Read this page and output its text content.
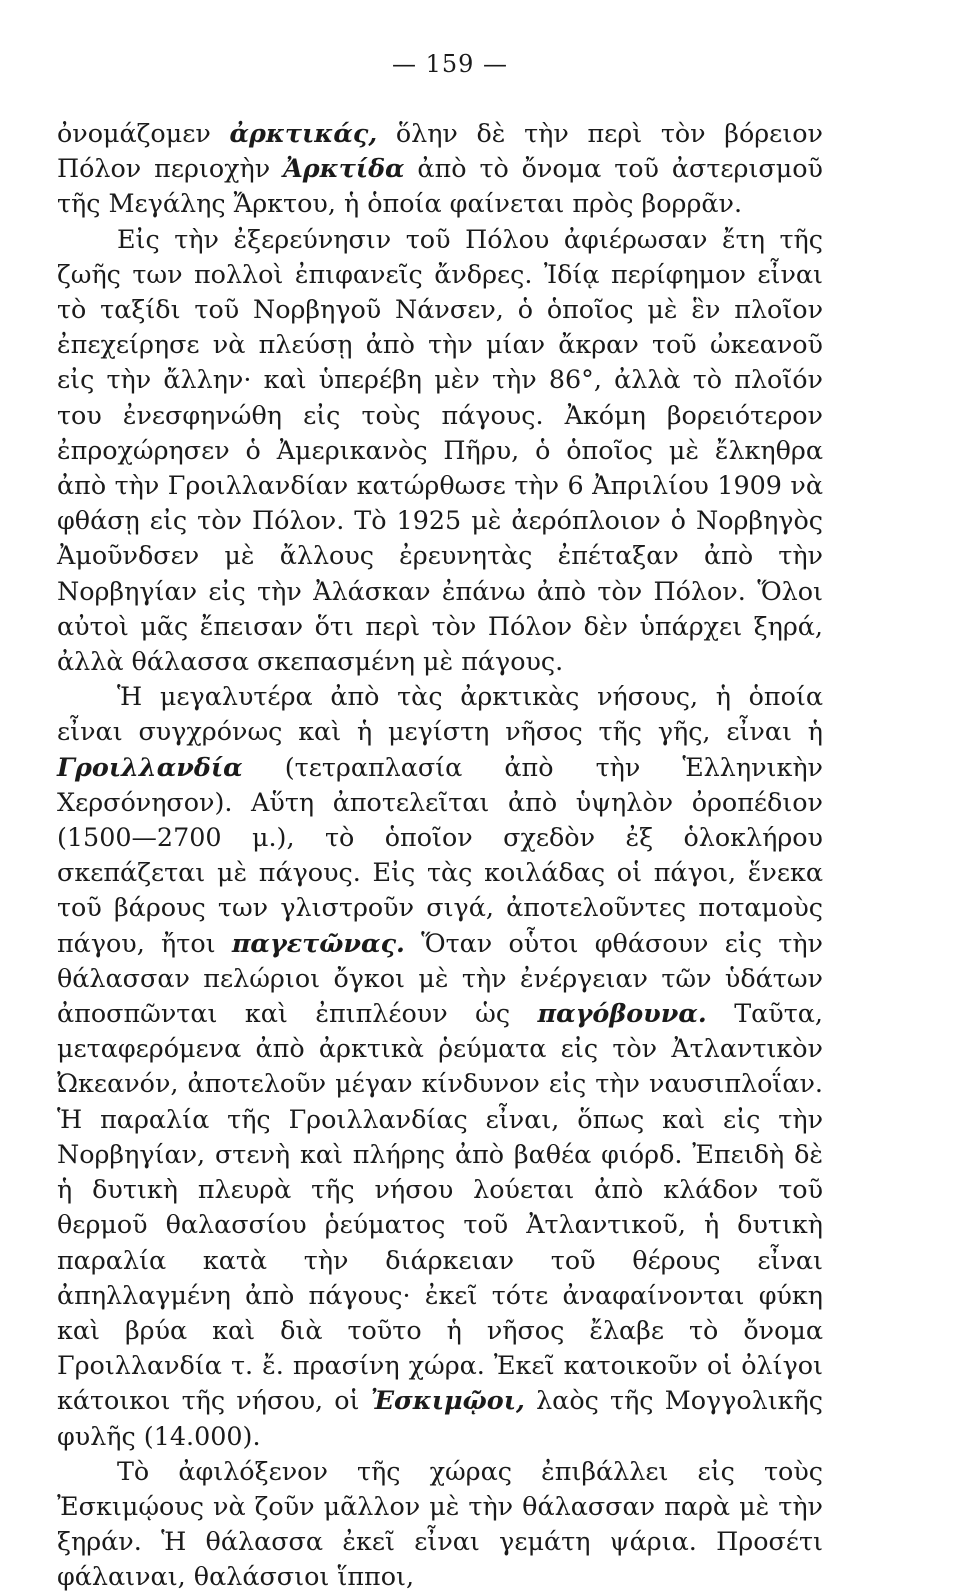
— 159 —

ὀνομάζομεν ἀρκτικάς, ὅλην δὲ τὴν περὶ τὸν βόρειον Πόλον περιοχὴν Ἀρκτίδα ἀπὸ τὸ ὄνομα τοῦ ἀστερισμοῦ τῆς Μεγάλης Ἄρκτου, ἡ ὁποία φαίνεται πρὸς βορρᾶν.

Εἰς τὴν ἐξερεύνησιν τοῦ Πόλου ἀφιέρωσαν ἔτη τῆς ζωῆς των πολλοὶ ἐπιφανεῖς ἄνδρες. Ἰδίᾳ περίφημον εἶναι τὸ ταξίδι τοῦ Νορβηγοῦ Νάνσεν, ὁ ὁποῖος μὲ ἓν πλοῖον ἐπεχείρησε νὰ πλεύσῃ ἀπὸ τὴν μίαν ἄκραν τοῦ ὠκεανοῦ εἰς τὴν ἄλλην· καὶ ὑπερέβη μὲν τὴν 86°, ἀλλὰ τὸ πλοῖόν του ἐνεσφηνώθη εἰς τοὺς πάγους. Ἀκόμη βορειότερον ἐπροχώρησεν ὁ Ἀμερικανὸς Πῆρυ, ὁ ὁποῖος μὲ ἔλκηθρα ἀπὸ τὴν Γροιλλανδίαν κατώρθωσε τὴν 6 Ἀπριλίου 1909 νὰ φθάσῃ εἰς τὸν Πόλον. Τὸ 1925 μὲ ἀερόπλοιον ὁ Νορβηγὸς Ἀμοῦνδσεν μὲ ἄλλους ἐρευνητὰς ἐπέταξαν ἀπὸ τὴν Νορβηγίαν εἰς τὴν Ἀλάσκαν ἐπάνω ἀπὸ τὸν Πόλον. Ὅλοι αὐτοὶ μᾶς ἔπεισαν ὅτι περὶ τὸν Πόλον δὲν ὑπάρχει ξηρά, ἀλλὰ θάλασσα σκεπασμένη μὲ πάγους.

Ἡ μεγαλυτέρα ἀπὸ τὰς ἀρκτικὰς νήσους, ἡ ὁποία εἶναι συγχρόνως καὶ ἡ μεγίστη νῆσος τῆς γῆς, εἶναι ἡ Γροιλλανδία (τετραπλασία ἀπὸ τὴν Ἑλληνικὴν Χερσόνησον). Αὕτη ἀποτελεῖται ἀπὸ ὑψηλὸν ὀροπέδιον (1500—2700 μ.), τὸ ὁποῖον σχεδὸν ἐξ ὁλοκλήρου σκεπάζεται μὲ πάγους. Εἰς τὰς κοιλάδας οἱ πάγοι, ἕνεκα τοῦ βάρους των γλιστροῦν σιγά, ἀποτελοῦντες ποταμοὺς πάγου, ἤτοι παγετῶνας. Ὅταν οὗτοι φθάσουν εἰς τὴν θάλασσαν πελώριοι ὄγκοι μὲ τὴν ἐνέργειαν τῶν ὑδάτων ἀποσπῶνται καὶ ἐπιπλέουν ὡς παγόβουνα. Ταῦτα, μεταφερόμενα ἀπὸ ἀρκτικὰ ῥεύματα εἰς τὸν Ἀτλαντικὸν Ὠκεανόν, ἀποτελοῦν μέγαν κίνδυνον εἰς τὴν ναυσιπλοΐαν. Ἡ παραλία τῆς Γροιλλανδίας εἶναι, ὅπως καὶ εἰς τὴν Νορβηγίαν, στενὴ καὶ πλήρης ἀπὸ βαθέα φιόρδ. Ἐπειδὴ δὲ ἡ δυτικὴ πλευρὰ τῆς νήσου λούεται ἀπὸ κλάδον τοῦ θερμοῦ θαλασσίου ῥεύματος τοῦ Ἀτλαντικοῦ, ἡ δυτικὴ παραλία κατὰ τὴν διάρκειαν τοῦ θέρους εἶναι ἀπηλλαγμένη ἀπὸ πάγους· ἐκεῖ τότε ἀναφαίνονται φύκη καὶ βρύα καὶ διὰ τοῦτο ἡ νῆσος ἔλαβε τὸ ὄνομα Γροιλλανδία τ. ἔ. πρασίνη χώρα. Ἐκεῖ κατοικοῦν οἱ ὀλίγοι κάτοικοι τῆς νήσου, οἱ Ἐσκιμῷοι, λαὸς τῆς Μογγολικῆς φυλῆς (14.000).

Τὸ ἀφιλόξενον τῆς χώρας ἐπιβάλλει εἰς τοὺς Ἐσκιμῴους νὰ ζοῦν μᾶλλον μὲ τὴν θάλασσαν παρὰ μὲ τὴν ξηράν. Ἡ θάλασσα ἐκεῖ εἶναι γεμάτη ψάρια. Προσέτι φάλαιναι, θαλάσσιοι ἵπποι,
